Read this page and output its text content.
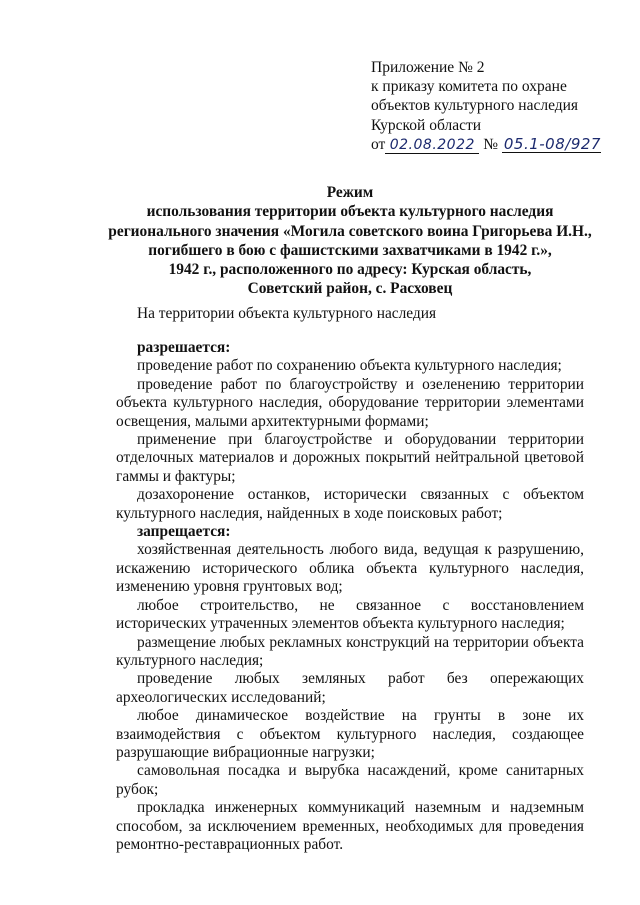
Приложение № 2
к приказу комитета по охране
объектов культурного наследия
Курской области
от 02.08.2022 № 05.1-08/927
Режим
использования территории объекта культурного наследия
регионального значения «Могила советского воина Григорьева И.Н.,
погибшего в бою с фашистскими захватчиками в 1942 г.»,
1942 г., расположенного по адресу: Курская область,
Советский район, с. Расховец
На территории объекта культурного наследия

разрешается:

проведение работ по сохранению объекта культурного наследия;

проведение работ по благоустройству и озеленению территории объекта культурного наследия, оборудование территории элементами освещения, малыми архитектурными формами;

применение при благоустройстве и оборудовании территории отделочных материалов и дорожных покрытий нейтральной цветовой гаммы и фактуры;

дозахоронение останков, исторически связанных с объектом культурного наследия, найденных в ходе поисковых работ;

запрещается:

хозяйственная деятельность любого вида, ведущая к разрушению, искажению исторического облика объекта культурного наследия, изменению уровня грунтовых вод;

любое строительство, не связанное с восстановлением исторических утраченных элементов объекта культурного наследия;

размещение любых рекламных конструкций на территории объекта культурного наследия;

проведение любых земляных работ без опережающих археологических исследований;

любое динамическое воздействие на грунты в зоне их взаимодействия с объектом культурного наследия, создающее разрушающие вибрационные нагрузки;

самовольная посадка и вырубка насаждений, кроме санитарных рубок;

прокладка инженерных коммуникаций наземным и надземным способом, за исключением временных, необходимых для проведения ремонтно-реставрационных работ.
